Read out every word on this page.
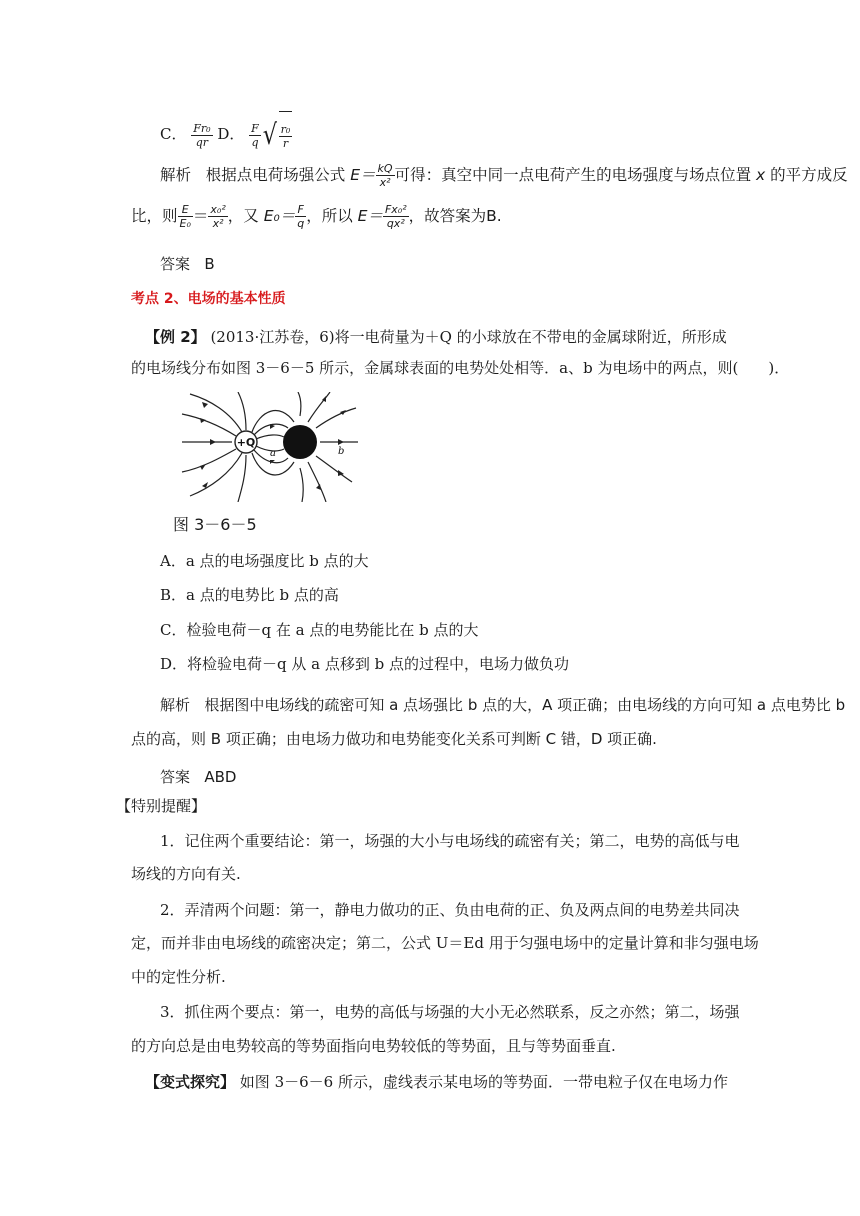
C． $\frac{\text{Fr₀}}{qr}$ D． $\frac{F}{q}$ √ $\frac{\text{r₀}}{r}$
解析 根据点电荷场强公式 $E= \frac{kQ}{\text{x²}}$ 可得：真空中同一点电荷产生的电场强度与场点位置 x 的平方成反
比，则 $\frac{E}{\text{E₀}} = \frac{\text{x₀²}}{\text{x²}}$ ，又 $E_0= \frac{F}{q}$ ，所以 $E= \frac{\text{Fx₀²}}{\text{qx²}}$ ，故答案为B.
答案 B
考点 2、电场的基本性质
【例 2】 (2013·江苏卷，6)将一电荷量为＋Q 的小球放在不带电的金属球附近，所形成
的电场线分布如图 3－6－5 所示，金属球表面的电势处处相等．a、b 为电场中的两点，则(　　)．
+Q
a	b
图 3－6－5
A．a 点的电场强度比 b 点的大
B．a 点的电势比 b 点的高
C．检验电荷－q 在 a 点的电势能比在 b 点的大
D．将检验电荷－q 从 a 点移到 b 点的过程中，电场力做负功
解析 根据图中电场线的疏密可知 a 点场强比 b 点的大，A 项正确；由电场线的方向可知 a 点电势比 b
点的高，则 B 项正确；由电场力做功和电势能变化关系可判断 C 错，D 项正确.
答案 ABD
【特别提醒】
1．记住两个重要结论：第一，场强的大小与电场线的疏密有关；第二，电势的高低与电
场线的方向有关.
2．弄清两个问题：第一，静电力做功的正、负由电荷的正、负及两点间的电势差共同决
定，而并非由电场线的疏密决定；第二，公式 U＝Ed 用于匀强电场中的定量计算和非匀强电场
中的定性分析.
3．抓住两个要点：第一，电势的高低与场强的大小无必然联系，反之亦然；第二，场强
的方向总是由电势较高的等势面指向电势较低的等势面，且与等势面垂直.
【变式探究】 如图 3－6－6 所示，虚线表示某电场的等势面．一带电粒子仅在电场力作
